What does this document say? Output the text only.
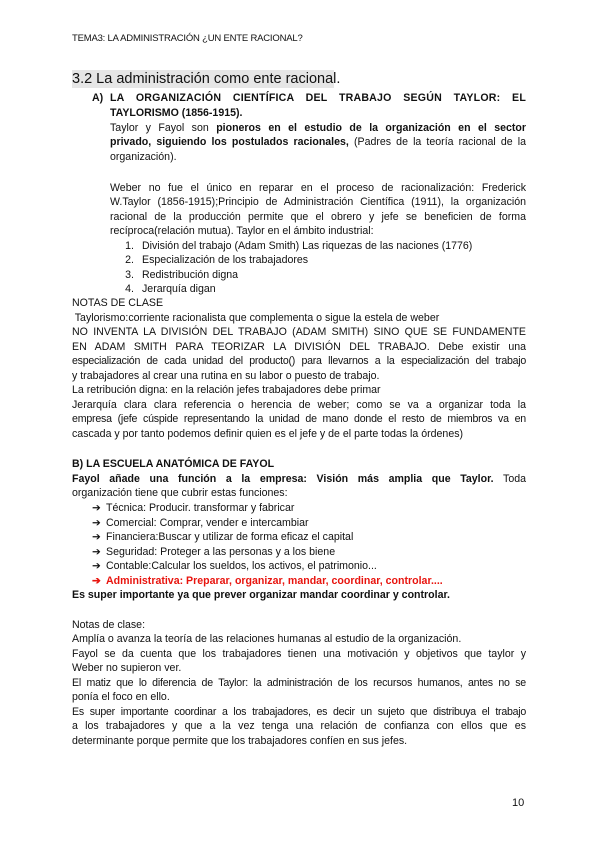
TEMA3: LA ADMINISTRACIÓN ¿UN ENTE RACIONAL?
3.2 La administración como ente racional.
A) LA ORGANIZACIÓN CIENTÍFICA DEL TRABAJO SEGÚN TAYLOR: EL
TAYLORISMO (1856-1915).
Taylor y Fayol son pioneros en el estudio de la organización en el sector
privado, siguiendo los postulados racionales, (Padres de la teoría racional de la
organización).
Weber no fue el único en reparar en el proceso de racionalización: Frederick
W.Taylor (1856-1915);Principio de Administración Científica (1911), la organización
racional de la producción permite que el obrero y jefe se beneficien de forma
recíproca(relación mutua). Taylor en el ámbito industrial:
1. División del trabajo (Adam Smith) Las riquezas de las naciones (1776)
2. Especialización de los trabajadores
3. Redistribución digna
4. Jerarquía digan
NOTAS DE CLASE
Taylorismo:corriente racionalista que complementa o sigue la estela de weber
NO INVENTA LA DIVISIÓN DEL TRABAJO (ADAM SMITH) SINO QUE SE FUNDAMENTE
EN ADAM SMITH PARA TEORIZAR LA DIVISIÓN DEL TRABAJO. Debe existir una
especialización de cada unidad del producto() para llevarnos a la especialización del trabajo
y trabajadores al crear una rutina en su labor o puesto de trabajo.
La retribución digna: en la relación jefes trabajadores debe primar
Jerarquía clara clara referencia o herencia de weber; como se va a organizar toda la
empresa (jefe cúspide representando la unidad de mano donde el resto de miembros va en
cascada y por tanto podemos definir quien es el jefe y de el parte todas la órdenes)
B) LA ESCUELA ANATÓMICA DE FAYOL
Fayol añade una función a la empresa: Visión más amplia que Taylor. Toda
organización tiene que cubrir estas funciones:
➔ Técnica: Producir. transformar y fabricar
➔ Comercial: Comprar, vender e intercambiar
➔ Financiera:Buscar y utilizar de forma eficaz el capital
➔ Seguridad: Proteger a las personas y a los biene
➔ Contable:Calcular los sueldos, los activos, el patrimonio...
➔ Administrativa: Preparar, organizar, mandar, coordinar, controlar....
Es super importante ya que prever organizar mandar coordinar y controlar.
Notas de clase:
Amplía o avanza la teoría de las relaciones humanas al estudio de la organización.
Fayol se da cuenta que los trabajadores tienen una motivación y objetivos que taylor y
Weber no supieron ver.
El matiz que lo diferencia de Taylor: la administración de los recursos humanos, antes no se
ponía el foco en ello.
Es super importante coordinar a los trabajadores, es decir un sujeto que distribuya el trabajo
a los trabajadores y que a la vez tenga una relación de confianza con ellos que es
determinante porque permite que los trabajadores confíen en sus jefes.
10
